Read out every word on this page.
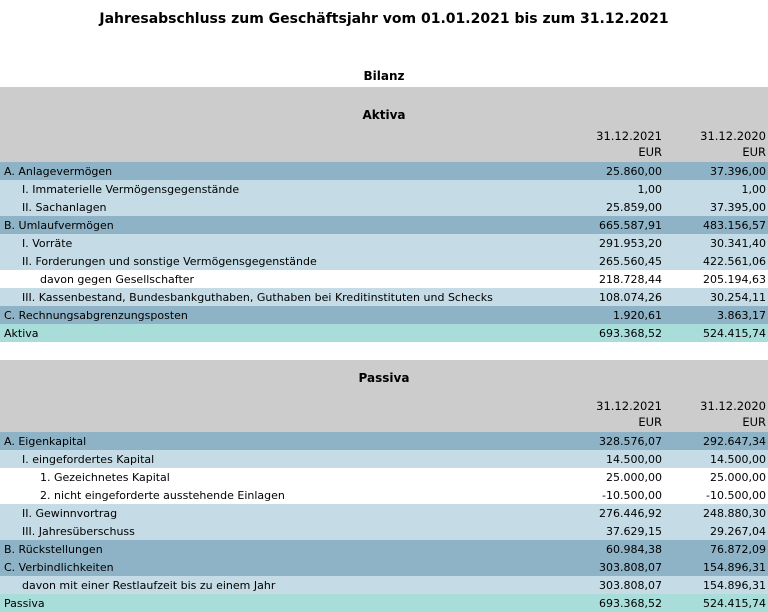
Jahresabschluss zum Geschäftsjahr vom 01.01.2021 bis zum 31.12.2021
Bilanz
Aktiva
31.12.2021
EUR
31.12.2020
EUR
A. Anlagevermögen	25.860,00	37.396,00
I. Immaterielle Vermögensgegenstände	1,00	1,00
II. Sachanlagen	25.859,00	37.395,00
B. Umlaufvermögen	665.587,91	483.156,57
I. Vorräte	291.953,20	30.341,40
II. Forderungen und sonstige Vermögensgegenstände	265.560,45	422.561,06
davon gegen Gesellschafter	218.728,44	205.194,63
III. Kassenbestand, Bundesbankguthaben, Guthaben bei Kreditinstituten und Schecks	108.074,26	30.254,11
C. Rechnungsabgrenzungsposten	1.920,61	3.863,17
Aktiva	693.368,52	524.415,74
Passiva
31.12.2021
EUR
31.12.2020
EUR
A. Eigenkapital	328.576,07	292.647,34
I. eingefordertes Kapital	14.500,00	14.500,00
1. Gezeichnetes Kapital	25.000,00	25.000,00
2. nicht eingeforderte ausstehende Einlagen	-10.500,00	-10.500,00
II. Gewinnvortrag	276.446,92	248.880,30
III. Jahresüberschuss	37.629,15	29.267,04
B. Rückstellungen	60.984,38	76.872,09
C. Verbindlichkeiten	303.808,07	154.896,31
davon mit einer Restlaufzeit bis zu einem Jahr	303.808,07	154.896,31
Passiva	693.368,52	524.415,74
